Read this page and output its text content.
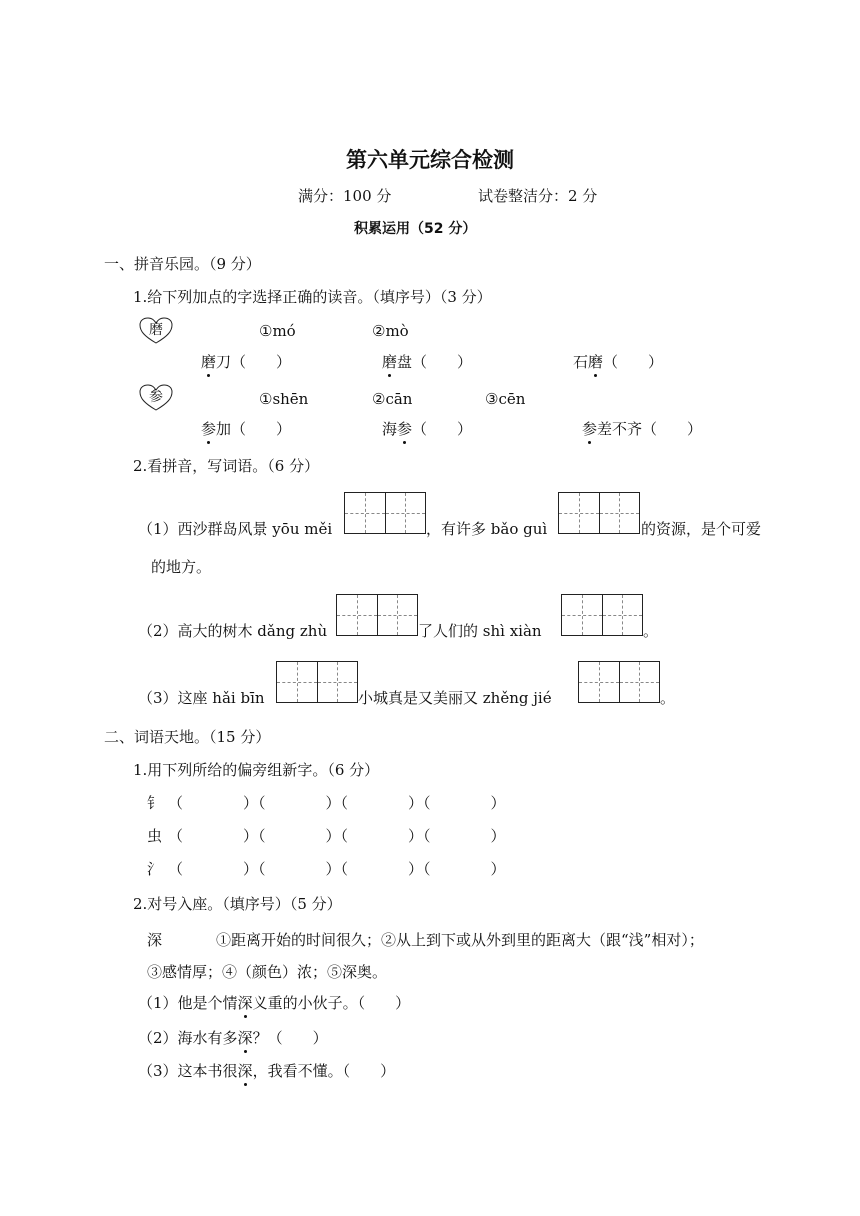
第六单元综合检测
满分：100 分	试卷整洁分：2 分
积累运用（52 分）
一、拼音乐园。（9 分）
1.给下列加点的字选择正确的读音。（填序号）（3 分）
磨	①mó	②mò
磨刀（　　）	磨盘（　　）	石磨（　　）
参	①shēn	②cān	③cēn
参加（　　）	海参（　　）	参差不齐（　　）
2.看拼音，写词语。（6 分）
（1）西沙群岛风景 yōu měi	，有许多 bǎo guì	的资源，是个可爱
的地方。
（2）高大的树木 dǎng zhù	了人们的 shì xiàn	。
（3）这座 hǎi bīn	小城真是又美丽又 zhěng jié	。
二、词语天地。（15 分）
1.用下列所给的偏旁组新字。（6 分）
钅 （　　　　）（　　　　）（　　　　）（　　　　）
虫 （　　　　）（　　　　）（　　　　）（　　　　）
氵 （　　　　）（　　　　）（　　　　）（　　　　）
2.对号入座。（填序号）（5 分）
深	①距离开始的时间很久；②从上到下或从外到里的距离大（跟“浅”相对）；
③感情厚；④（颜色）浓；⑤深奥。
（1）他是个情深义重的小伙子。（　　）
（2）海水有多深？（　　）
（3）这本书很深，我看不懂。（　　）
